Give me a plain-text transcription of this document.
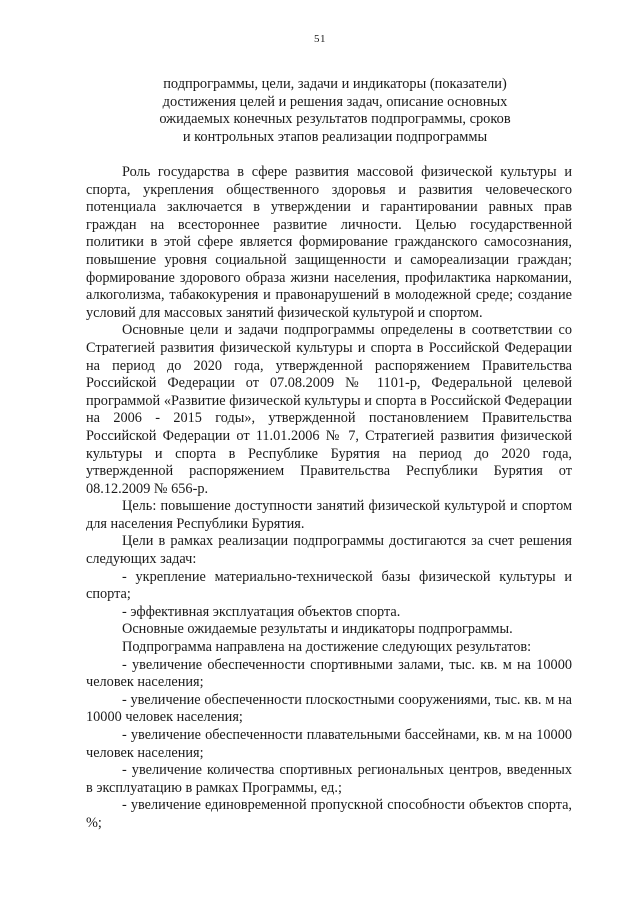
51
подпрограммы, цели, задачи и индикаторы (показатели)
достижения целей и решения задач, описание основных
ожидаемых конечных результатов подпрограммы, сроков
и контрольных этапов реализации подпрограммы

Роль государства в сфере развития массовой физической культуры и спорта, укрепления общественного здоровья и развития человеческого потенциала заключается в утверждении и гарантировании равных прав граждан на всестороннее развитие личности. Целью государственной политики в этой сфере является формирование гражданского самосознания, повышение уровня социальной защищенности и самореализации граждан; формирование здорового образа жизни населения, профилактика наркомании, алкоголизма, табакокурения и правонарушений в молодежной среде; создание условий для массовых занятий физической культурой и спортом.

Основные цели и задачи подпрограммы определены в соответствии со Стратегией развития физической культуры и спорта в Российской Федерации на период до 2020 года, утвержденной распоряжением Правительства Российской Федерации от 07.08.2009 № 1101-р, Федеральной целевой программой «Развитие физической культуры и спорта в Российской Федерации на 2006 - 2015 годы», утвержденной постановлением Правительства Российской Федерации от 11.01.2006 № 7, Стратегией развития физической культуры и спорта в Республике Бурятия на период до 2020 года, утвержденной распоряжением Правительства Республики Бурятия от 08.12.2009 № 656-р.

Цель: повышение доступности занятий физической культурой и спортом для населения Республики Бурятия.

Цели в рамках реализации подпрограммы достигаются за счет решения следующих задач:

- укрепление материально-технической базы физической культуры и спорта;

- эффективная эксплуатация объектов спорта.

Основные ожидаемые результаты и индикаторы подпрограммы.

Подпрограмма направлена на достижение следующих результатов:

- увеличение обеспеченности спортивными залами, тыс. кв. м на 10000 человек населения;

- увеличение обеспеченности плоскостными сооружениями, тыс. кв. м на 10000 человек населения;

- увеличение обеспеченности плавательными бассейнами, кв. м на 10000 человек населения;

- увеличение количества спортивных региональных центров, введенных в эксплуатацию в рамках Программы, ед.;

- увеличение единовременной пропускной способности объектов спорта, %;
